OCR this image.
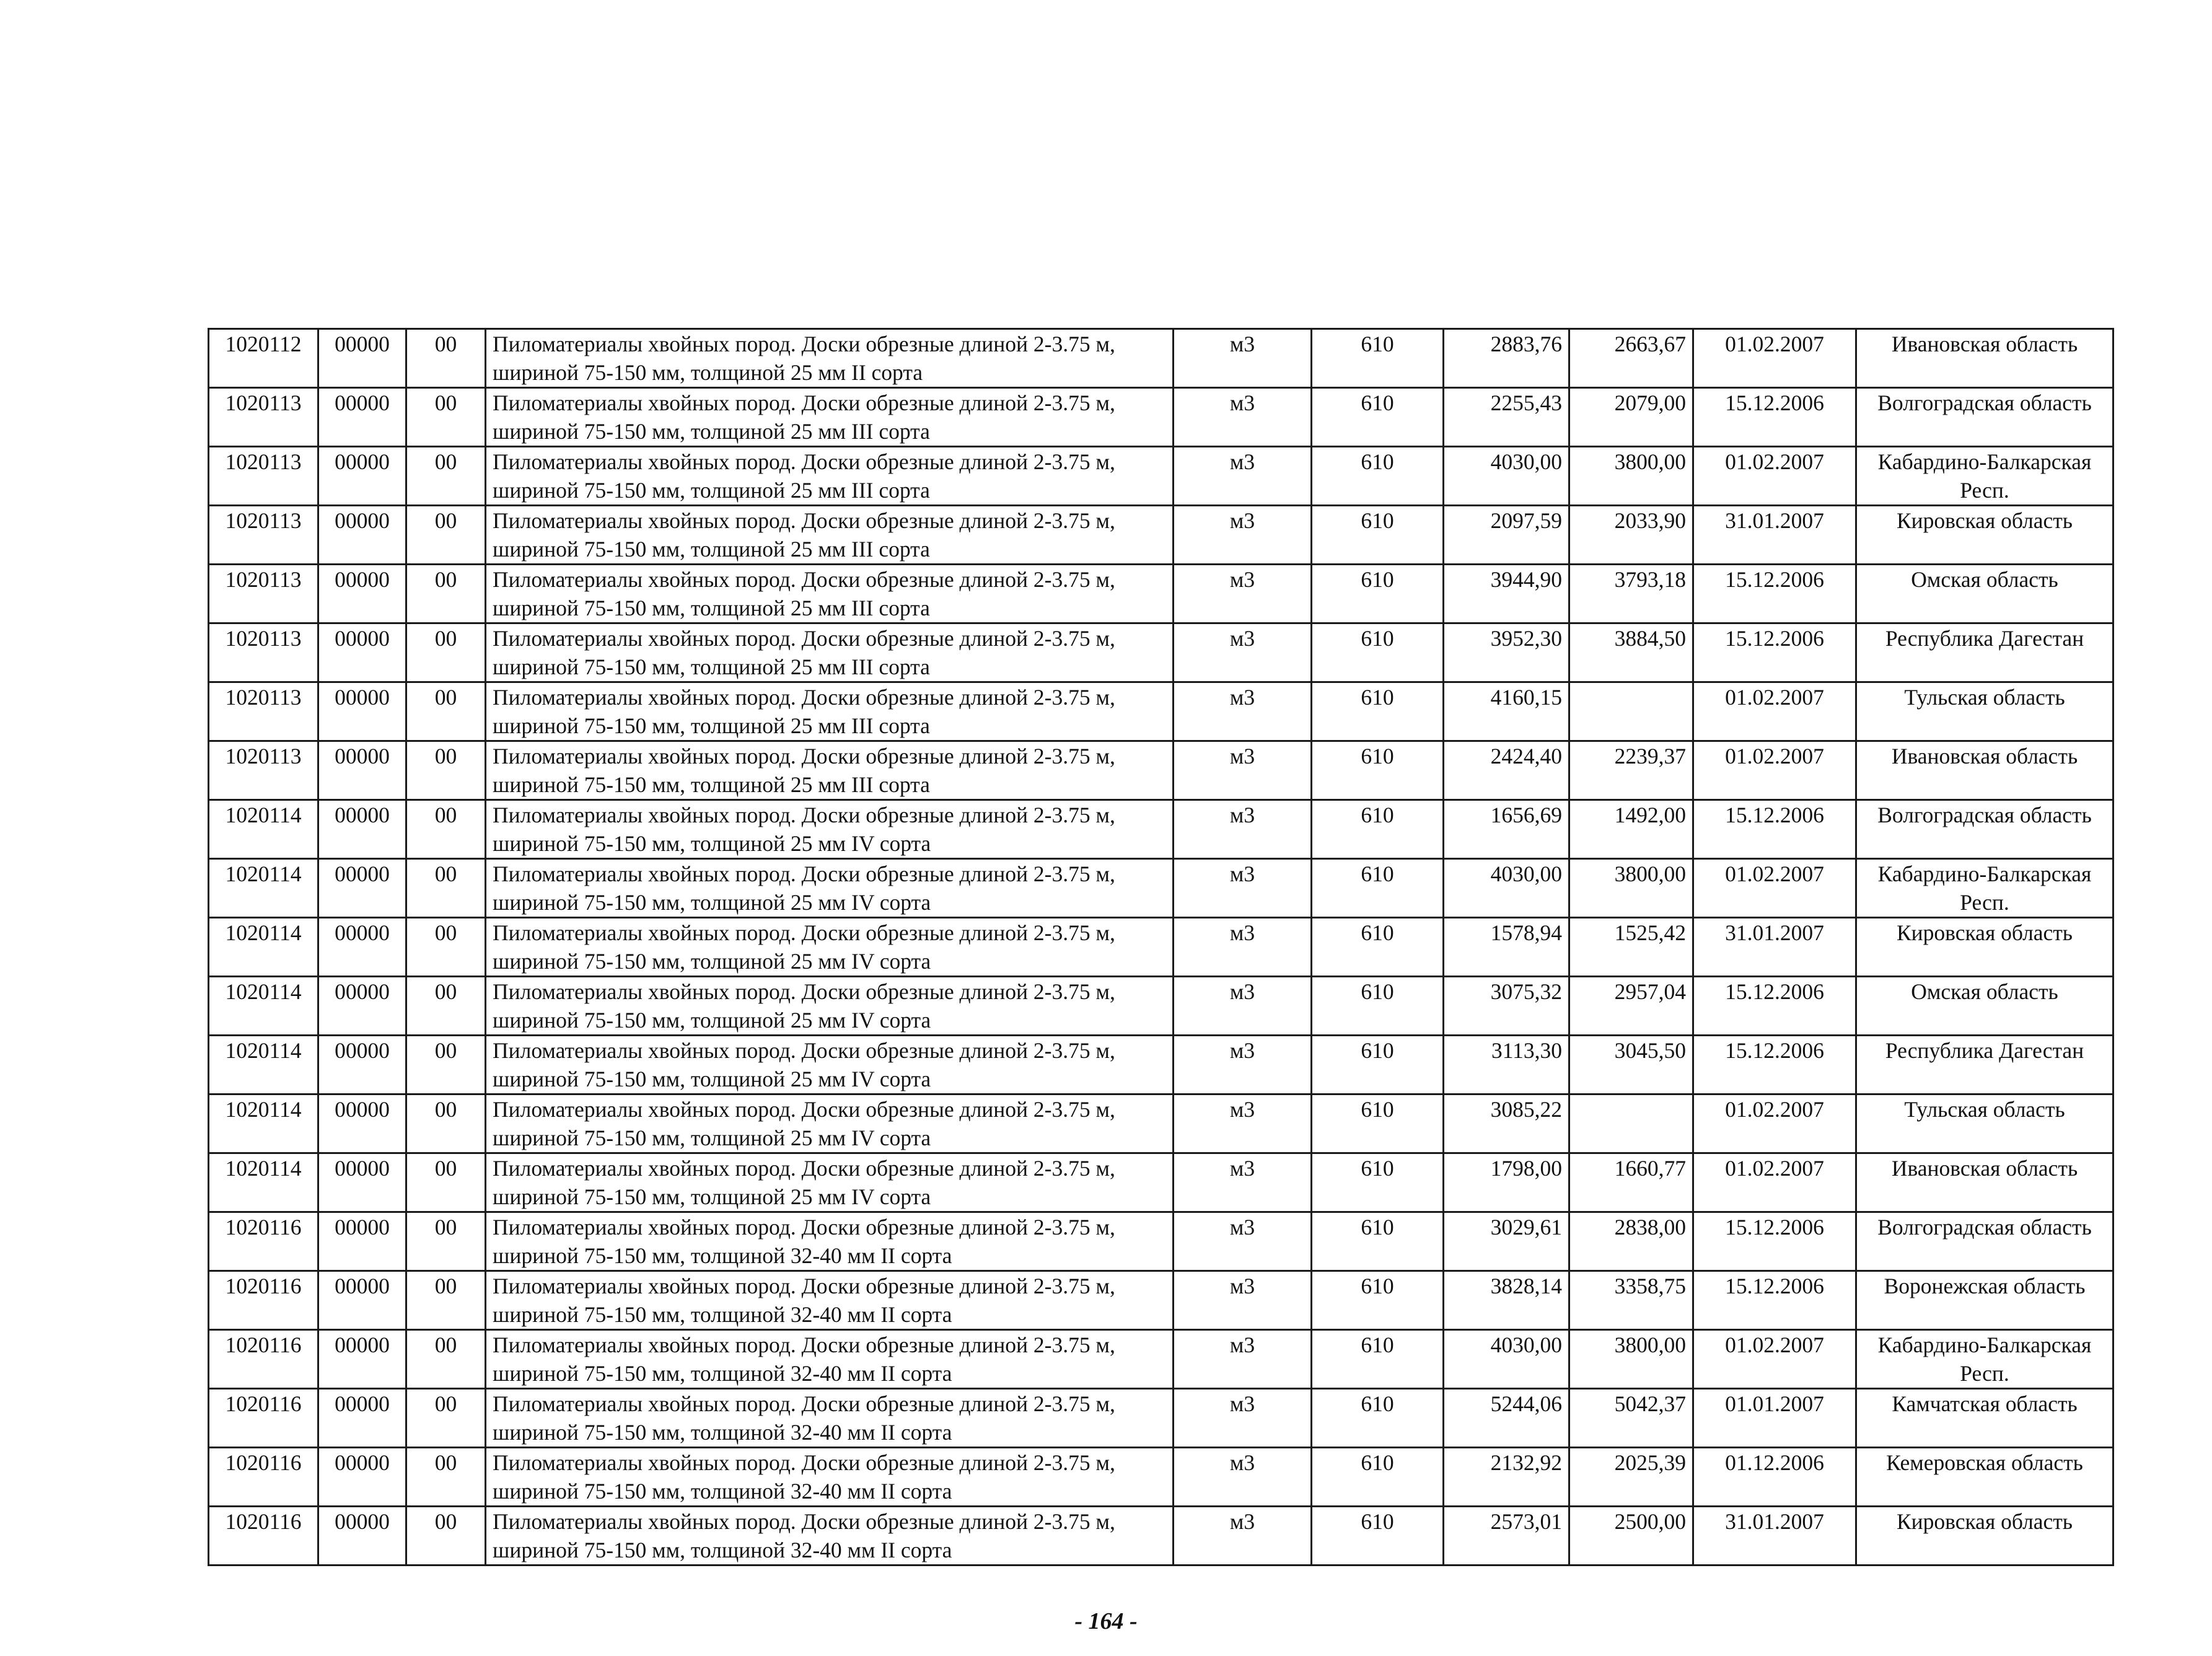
1020112	00000	00	Пиломатериалы хвойных пород. Доски обрезные длиной 2-3.75 м, шириной 75-150 мм, толщиной 25 мм II сорта	м3	610	2883,76	2663,67	01.02.2007	Ивановская область
1020113	00000	00	Пиломатериалы хвойных пород. Доски обрезные длиной 2-3.75 м, шириной 75-150 мм, толщиной 25 мм III сорта	м3	610	2255,43	2079,00	15.12.2006	Волгоградская область
1020113	00000	00	Пиломатериалы хвойных пород. Доски обрезные длиной 2-3.75 м, шириной 75-150 мм, толщиной 25 мм III сорта	м3	610	4030,00	3800,00	01.02.2007	Кабардино-Балкарская Респ.
1020113	00000	00	Пиломатериалы хвойных пород. Доски обрезные длиной 2-3.75 м, шириной 75-150 мм, толщиной 25 мм III сорта	м3	610	2097,59	2033,90	31.01.2007	Кировская область
1020113	00000	00	Пиломатериалы хвойных пород. Доски обрезные длиной 2-3.75 м, шириной 75-150 мм, толщиной 25 мм III сорта	м3	610	3944,90	3793,18	15.12.2006	Омская область
1020113	00000	00	Пиломатериалы хвойных пород. Доски обрезные длиной 2-3.75 м, шириной 75-150 мм, толщиной 25 мм III сорта	м3	610	3952,30	3884,50	15.12.2006	Республика Дагестан
1020113	00000	00	Пиломатериалы хвойных пород. Доски обрезные длиной 2-3.75 м, шириной 75-150 мм, толщиной 25 мм III сорта	м3	610	4160,15		01.02.2007	Тульская область
1020113	00000	00	Пиломатериалы хвойных пород. Доски обрезные длиной 2-3.75 м, шириной 75-150 мм, толщиной 25 мм III сорта	м3	610	2424,40	2239,37	01.02.2007	Ивановская область
1020114	00000	00	Пиломатериалы хвойных пород. Доски обрезные длиной 2-3.75 м, шириной 75-150 мм, толщиной 25 мм IV сорта	м3	610	1656,69	1492,00	15.12.2006	Волгоградская область
1020114	00000	00	Пиломатериалы хвойных пород. Доски обрезные длиной 2-3.75 м, шириной 75-150 мм, толщиной 25 мм IV сорта	м3	610	4030,00	3800,00	01.02.2007	Кабардино-Балкарская Респ.
1020114	00000	00	Пиломатериалы хвойных пород. Доски обрезные длиной 2-3.75 м, шириной 75-150 мм, толщиной 25 мм IV сорта	м3	610	1578,94	1525,42	31.01.2007	Кировская область
1020114	00000	00	Пиломатериалы хвойных пород. Доски обрезные длиной 2-3.75 м, шириной 75-150 мм, толщиной 25 мм IV сорта	м3	610	3075,32	2957,04	15.12.2006	Омская область
1020114	00000	00	Пиломатериалы хвойных пород. Доски обрезные длиной 2-3.75 м, шириной 75-150 мм, толщиной 25 мм IV сорта	м3	610	3113,30	3045,50	15.12.2006	Республика Дагестан
1020114	00000	00	Пиломатериалы хвойных пород. Доски обрезные длиной 2-3.75 м, шириной 75-150 мм, толщиной 25 мм IV сорта	м3	610	3085,22		01.02.2007	Тульская область
1020114	00000	00	Пиломатериалы хвойных пород. Доски обрезные длиной 2-3.75 м, шириной 75-150 мм, толщиной 25 мм IV сорта	м3	610	1798,00	1660,77	01.02.2007	Ивановская область
1020116	00000	00	Пиломатериалы хвойных пород. Доски обрезные длиной 2-3.75 м, шириной 75-150 мм, толщиной 32-40 мм II сорта	м3	610	3029,61	2838,00	15.12.2006	Волгоградская область
1020116	00000	00	Пиломатериалы хвойных пород. Доски обрезные длиной 2-3.75 м, шириной 75-150 мм, толщиной 32-40 мм II сорта	м3	610	3828,14	3358,75	15.12.2006	Воронежская область
1020116	00000	00	Пиломатериалы хвойных пород. Доски обрезные длиной 2-3.75 м, шириной 75-150 мм, толщиной 32-40 мм II сорта	м3	610	4030,00	3800,00	01.02.2007	Кабардино-Балкарская Респ.
1020116	00000	00	Пиломатериалы хвойных пород. Доски обрезные длиной 2-3.75 м, шириной 75-150 мм, толщиной 32-40 мм II сорта	м3	610	5244,06	5042,37	01.01.2007	Камчатская область
1020116	00000	00	Пиломатериалы хвойных пород. Доски обрезные длиной 2-3.75 м, шириной 75-150 мм, толщиной 32-40 мм II сорта	м3	610	2132,92	2025,39	01.12.2006	Кемеровская область
1020116	00000	00	Пиломатериалы хвойных пород. Доски обрезные длиной 2-3.75 м, шириной 75-150 мм, толщиной 32-40 мм II сорта	м3	610	2573,01	2500,00	31.01.2007	Кировская область
- 164 -
